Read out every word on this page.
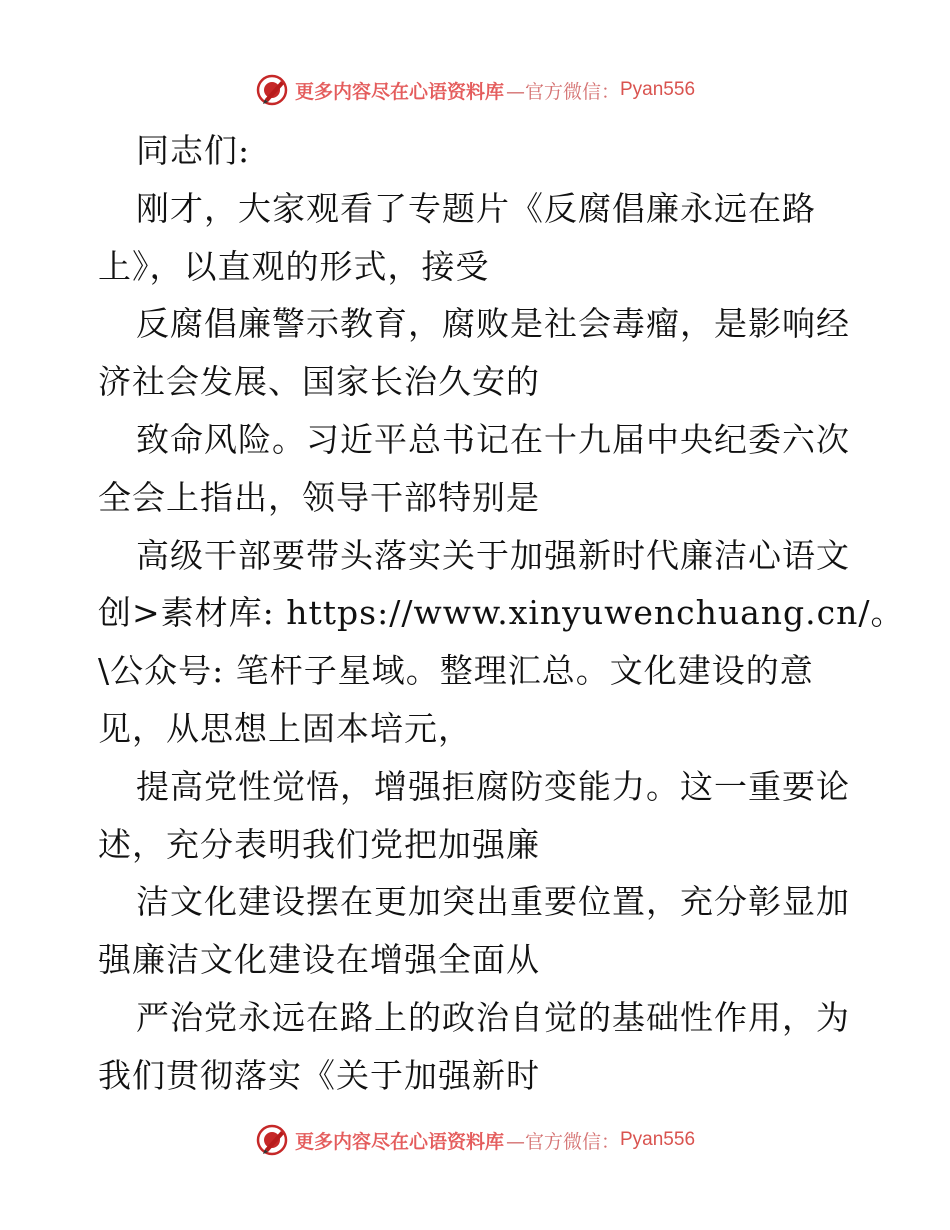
更多内容尽在心语资料库 —官方微信： Pyan556
同志们:
刚才，大家观看了专题片《反腐倡廉永远在路
上》，以直观的形式，接受
反腐倡廉警示教育，腐败是社会毒瘤，是影响经
济社会发展、国家长治久安的
致命风险。习近平总书记在十九届中央纪委六次
全会上指出，领导干部特别是
高级干部要带头落实关于加强新时代廉洁心语文
创>素材库: https://www.xinyuwenchuang.cn/。
\公众号: 笔杆子星域。整理汇总。文化建设的意
见，从思想上固本培元，
提高党性觉悟，增强拒腐防变能力。这一重要论
述，充分表明我们党把加强廉
洁文化建设摆在更加突出重要位置，充分彰显加
强廉洁文化建设在增强全面从
严治党永远在路上的政治自觉的基础性作用，为
我们贯彻落实《关于加强新时
更多内容尽在心语资料库 —官方微信： Pyan556
